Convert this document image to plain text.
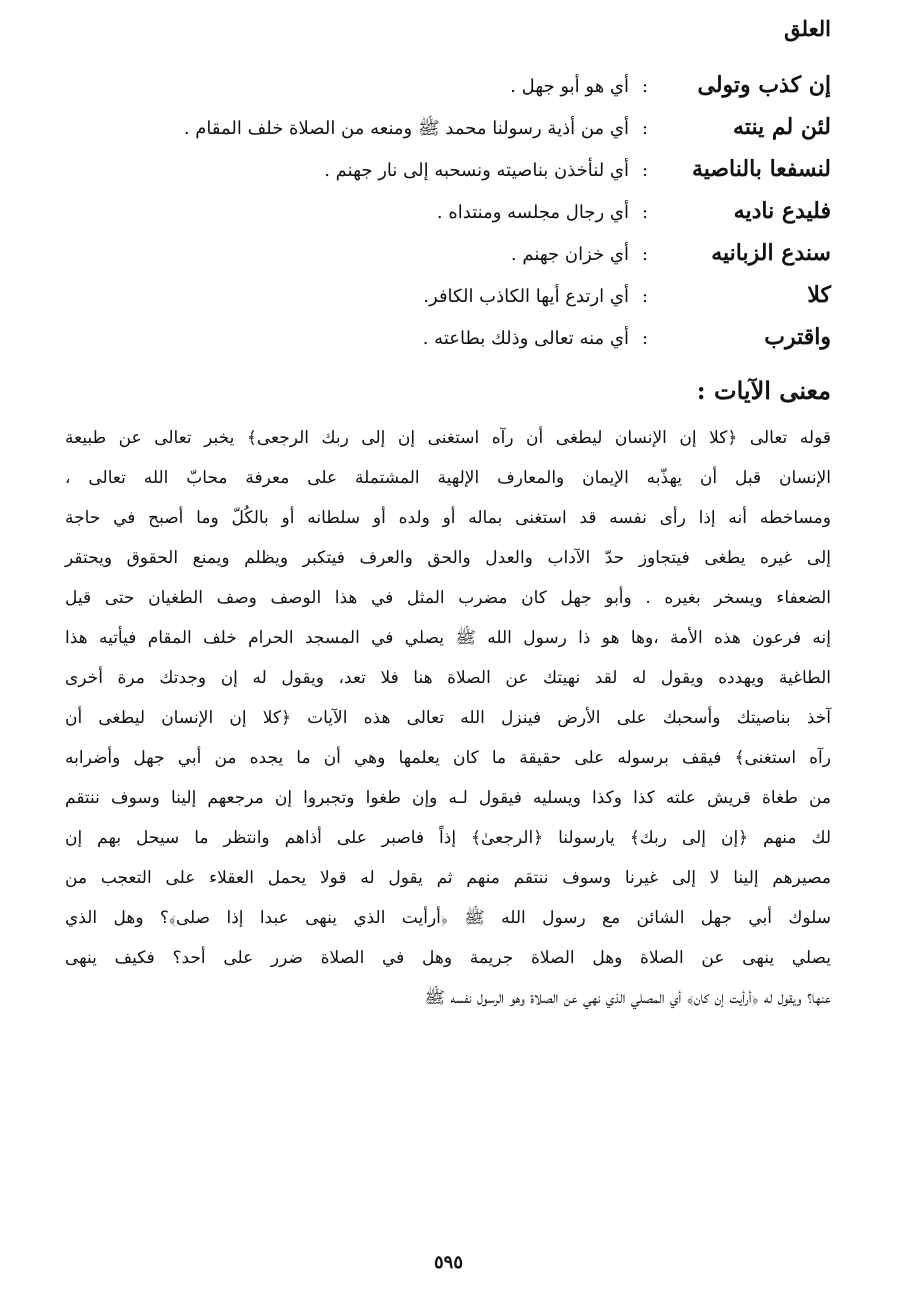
العلق
إن كذب وتولى
:
أي هو أبو جهل .
لئن لم ينته
:
أي من أذية رسولنا محمد ﷺ ومنعه من الصلاة خلف المقام .
لنسفعا بالناصية
:
أي لنأخذن بناصيته ونسحبه إلى نار جهنم .
فليدع ناديه
:
أي رجال مجلسه ومنتداه .
سندع الزبانيه
:
أي خزان جهنم .
كلا
:
أي ارتدع أيها الكاذب الكافر.
واقترب
:
أي منه تعالى وذلك بطاعته .
معنى الآيات :
قوله تعالى ﴿كلا إن الإنسان ليطغى أن رآه استغنى إن إلى ربك الرجعى﴾ يخبر تعالى عن طبيعة
الإنسان قبل أن يهذّبه الإيمان والمعارف الإلهية المشتملة على معرفة محابّ الله تعالى ،
ومساخطه أنه إذا رأى نفسه قد استغنى بماله أو ولده أو سلطانه أو بالكُلّ وما أصبح في حاجة
إلى غيره يطغى فيتجاوز حدّ الآداب والعدل والحق والعرف فيتكبر ويظلم ويمنع الحقوق ويحتقر
الضعفاء ويسخر بغيره . وأبو جهل كان مضرب المثل في هذا الوصف وصف الطغيان حتى قيل
إنه فرعون هذه الأمة ،وها هو ذا رسول الله ﷺ يصلي في المسجد الحرام خلف المقام فيأتيه هذا
الطاغية ويهدده ويقول له لقد نهيتك عن الصلاة هنا فلا تعد، ويقول له إن وجدتك مرة أخرى
آخذ بناصيتك وأسحبك على الأرض فينزل الله تعالى هذه الآيات ﴿كلا إن الإنسان ليطغى أن
رآه استغنى﴾ فيقف برسوله على حقيقة ما كان يعلمها وهي أن ما يجده من أبي جهل وأضرابه
من طغاة قريش علته كذا وكذا ويسليه فيقول لـه وإن طغوا وتجبروا إن مرجعهم إلينا وسوف ننتقم
لك منهم ﴿إن إلى ربك﴾ يارسولنا ﴿الرجعىٰ﴾ إذاً فاصبر على أذاهم وانتظر ما سيحل بهم إن
مصيرهم إلينا لا إلى غيرنا وسوف ننتقم منهم ثم يقول له قولا يحمل العقلاء على التعجب من
سلوك أبي جهل الشائن مع رسول الله ﷺ ﴿أرأيت الذي ينهى عبدا إذا صلى﴾؟ وهل الذي
يصلي ينهى عن الصلاة وهل الصلاة جريمة وهل في الصلاة ضرر على أحد؟ فكيف ينهى
عنها؟ ويقول له ﴿أرأيت إن كان﴾ أي المصلي الذي نهي عن الصلاة وهو الرسول نفسه ﷺ
٥٩٥
